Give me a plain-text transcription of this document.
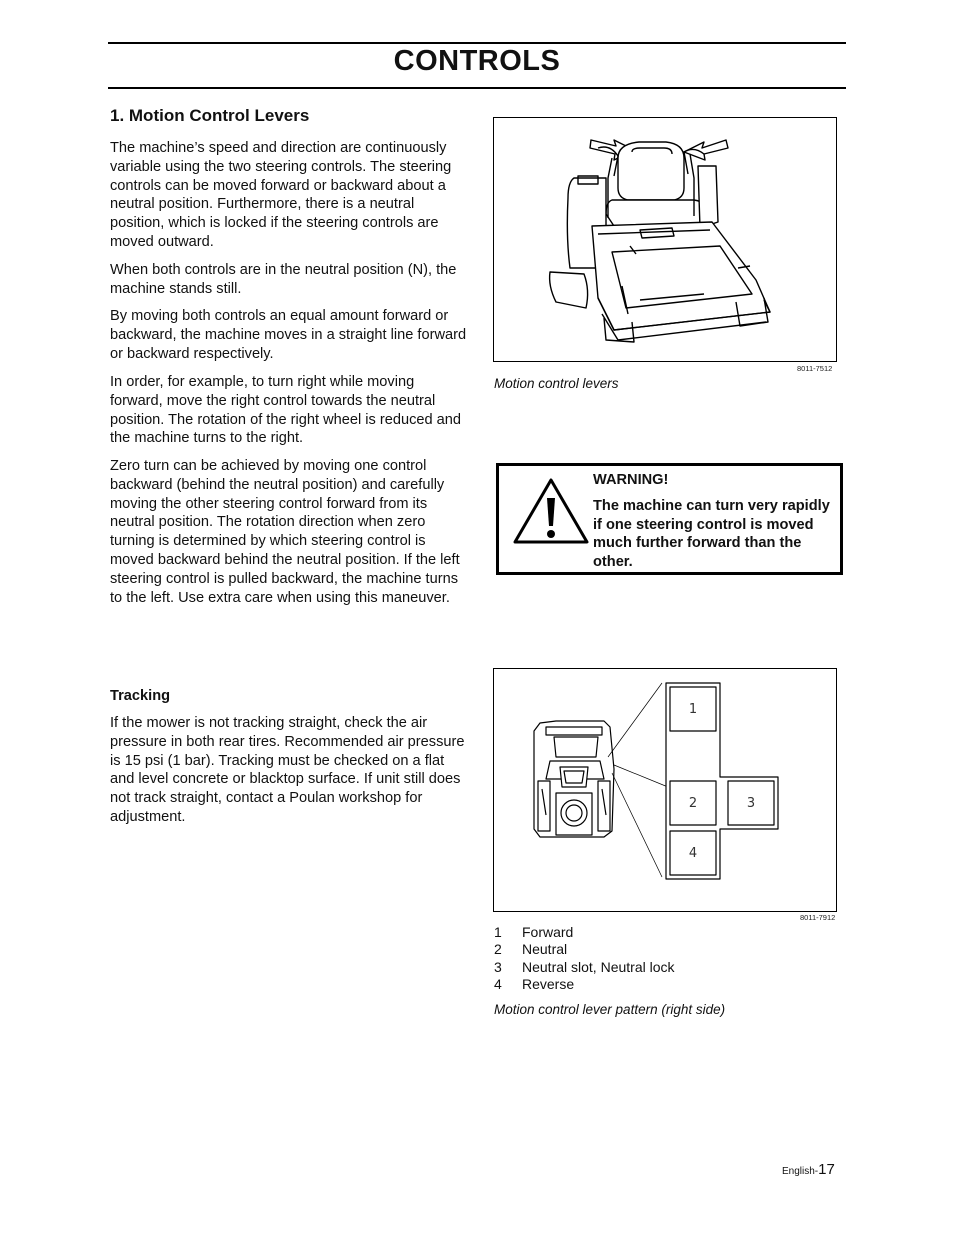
CONTROLS
1. Motion Control Levers

The machine’s speed and direction are continuously variable using the two steering controls. The steering controls can be moved forward or backward about a neutral position. Furthermore, there is a neutral position, which is locked if the steering controls are moved outward.

When both controls are in the neutral position (N), the machine stands still.

By moving both controls an equal amount forward or backward, the machine moves in a straight line forward or backward respectively.

In order, for example, to turn right while moving forward, move the right control towards the neutral position. The rotation of the right wheel is reduced and the machine turns to the right.

Zero turn can be achieved by moving one control backward (behind the neutral position) and carefully moving the other steering control forward from its neutral position. The rotation direction when zero turning is determined by which steering control is moved backward behind the neutral position. If the left steering control is pulled backward, the machine turns to the left. Use extra care when using this maneuver.

8011-7512
Motion control levers
WARNING!
The machine can turn very rapidly if one steering control is moved much further forward than the other.
Tracking

If the mower is not tracking straight, check the air pressure in both rear tires. Recommended air pressure is 15 psi (1 bar). Tracking must be checked on a flat and level concrete or blacktop surface. If unit still does not track straight, contact a Poulan workshop for adjustment.

1
2	3
4
8011-7912
1	Forward
2	Neutral
3	Neutral slot, Neutral lock
4	Reverse
Motion control lever pattern (right side)
English-17
